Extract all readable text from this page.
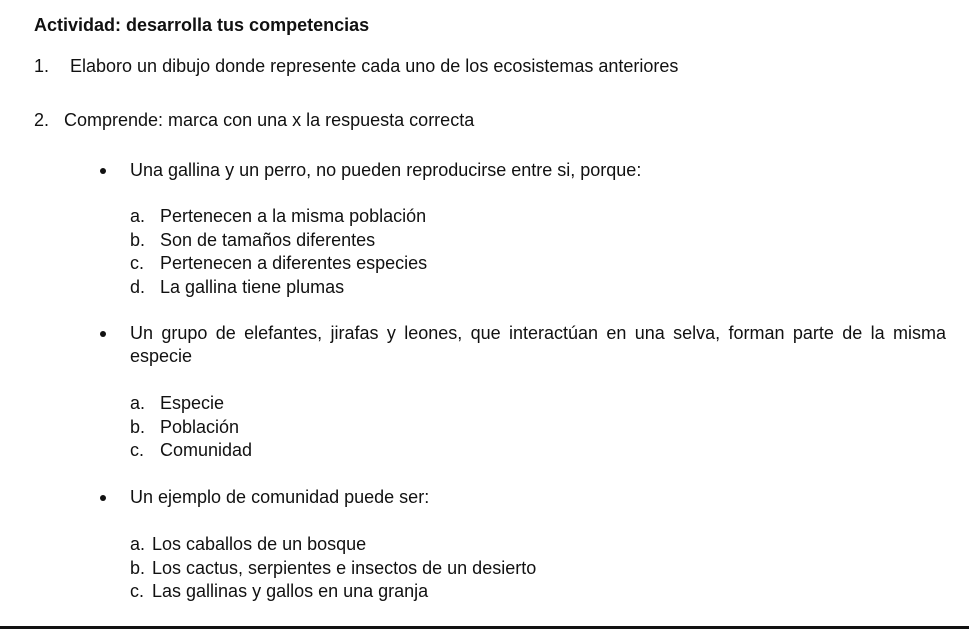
Actividad: desarrolla tus competencias
1. Elaboro un dibujo donde represente cada uno de los ecosistemas anteriores
2. Comprende: marca con una x la respuesta correcta
Una gallina y un perro, no pueden reproducirse entre si, porque:
a. Pertenecen a la misma población
b. Son de tamaños diferentes
c. Pertenecen a diferentes especies
d. La gallina tiene plumas
Un grupo de elefantes, jirafas y leones, que interactúan en una selva, forman parte de la misma especie
a. Especie
b. Población
c. Comunidad
Un ejemplo de comunidad puede ser:
a. Los caballos de un bosque
b. Los cactus, serpientes e insectos de un desierto
c. Las gallinas y gallos en una granja
